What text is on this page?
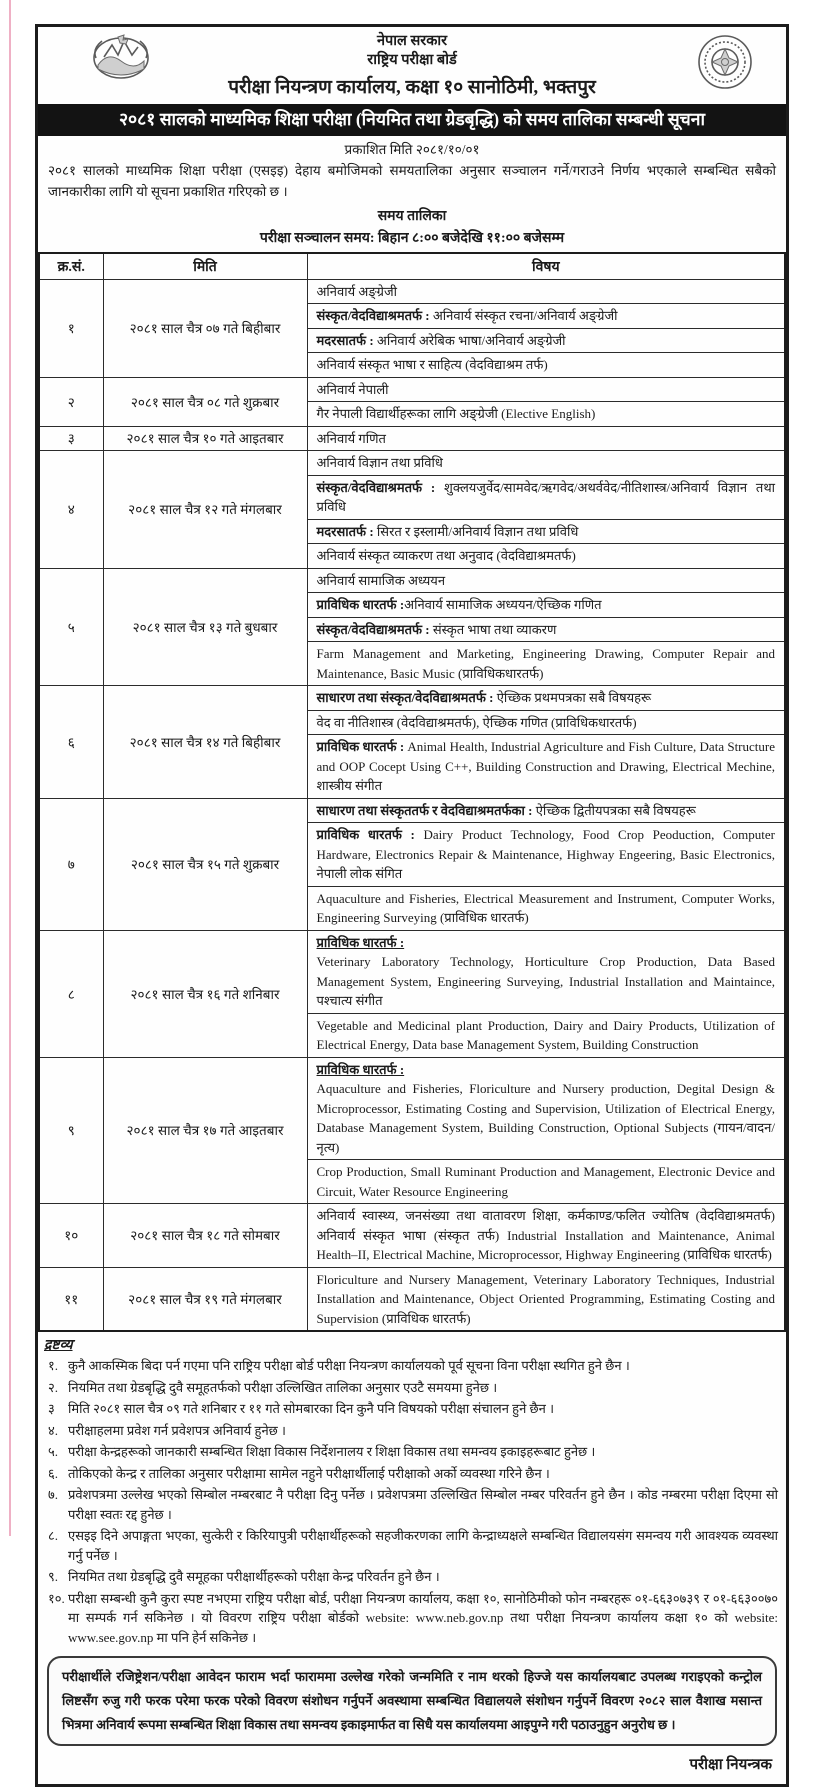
नेपाल सरकार
राष्ट्रिय परीक्षा बोर्ड
परीक्षा नियन्त्रण कार्यालय, कक्षा १० सानोठिमी, भक्तपुर
२०८१ सालको माध्यमिक शिक्षा परीक्षा (नियमित तथा ग्रेडबृद्धि) को समय तालिका सम्बन्धी सूचना
प्रकाशित मिति २०८१/१०/०१
२०८१ सालको माध्यमिक शिक्षा परीक्षा (एसइइ) देहाय बमोजिमको समयतालिका अनुसार सञ्चालन गर्ने/गराउने निर्णय भएकाले सम्बन्धित सबैको जानकारीका लागि यो सूचना प्रकाशित गरिएको छ ।
समय तालिका
परीक्षा सञ्चालन समय: बिहान ८:०० बजेदेखि ११:०० बजेसम्म
क्र.सं.	मिति	विषय
१	२०८१ साल चैत्र ०७ गते बिहीबार	अनिवार्य अङ्ग्रेजी
		संस्कृत/वेदविद्याश्रमतर्फ : अनिवार्य संस्कृत रचना/अनिवार्य अङ्ग्रेजी
		मदरसातर्फ : अनिवार्य अरेबिक भाषा/अनिवार्य अङ्ग्रेजी
		अनिवार्य संस्कृत भाषा र साहित्य (वेदविद्याश्रम तर्फ)
२	२०८१ साल चैत्र ०८ गते शुक्रबार	अनिवार्य नेपाली
		गैर नेपाली विद्यार्थीहरूका लागि अङ्ग्रेजी (Elective English)
३	२०८१ साल चैत्र १० गते आइतबार	अनिवार्य गणित
४	२०८१ साल चैत्र १२ गते मंगलबार	अनिवार्य विज्ञान तथा प्रविधि
		संस्कृत/वेदविद्याश्रमतर्फ : शुक्लयजुर्वेद/सामवेद/ऋगवेद/अथर्ववेद/नीतिशास्त्र/अनिवार्य विज्ञान तथा प्रविधि
		मदरसातर्फ : सिरत र इस्लामी/अनिवार्य विज्ञान तथा प्रविधि
		अनिवार्य संस्कृत व्याकरण तथा अनुवाद (वेदविद्याश्रमतर्फ)
५	२०८१ साल चैत्र १३ गते बुधबार	अनिवार्य सामाजिक अध्ययन
		प्राविधिक धारतर्फ :अनिवार्य सामाजिक अध्ययन/ऐच्छिक गणित
		संस्कृत/वेदविद्याश्रमतर्फ : संस्कृत भाषा तथा व्याकरण
		Farm Management and Marketing, Engineering Drawing, Computer Repair and Maintenance, Basic Music (प्राविधिकधारतर्फ)
६	२०८१ साल चैत्र १४ गते बिहीबार	साधारण तथा संस्कृत/वेदविद्याश्रमतर्फ : ऐच्छिक प्रथमपत्रका सबै विषयहरू
		वेद वा नीतिशास्त्र (वेदविद्याश्रमतर्फ), ऐच्छिक गणित (प्राविधिकधारतर्फ)
		प्राविधिक धारतर्फ : Animal Health, Industrial Agriculture and Fish Culture, Data Structure and OOP Cocept Using C++, Building Construction and Drawing, Electrical Mechine, शास्त्रीय संगीत
७	२०८१ साल चैत्र १५ गते शुक्रबार	साधारण तथा संस्कृततर्फ र वेदविद्याश्रमतर्फका : ऐच्छिक द्वितीयपत्रका सबै विषयहरू
		प्राविधिक धारतर्फ : Dairy Product Technology, Food Crop Peoduction, Computer Hardware, Electronics Repair & Maintenance, Highway Engeering, Basic Electronics, नेपाली लोक संगित
		Aquaculture and Fisheries, Electrical Measurement and Instrument, Computer Works, Engineering Surveying (प्राविधिक धारतर्फ)
८	२०८१ साल चैत्र १६ गते शनिबार	प्राविधिक धारतर्फ :
Veterinary Laboratory Technology, Horticulture Crop Production, Data Based Management System, Engineering Surveying, Industrial Installation and Maintaince, पश्चात्य संगीत
		Vegetable and Medicinal plant Production, Dairy and Dairy Products, Utilization of Electrical Energy, Data base Management System, Building Construction
९	२०८१ साल चैत्र १७ गते आइतबार	प्राविधिक धारतर्फ :
Aquaculture and Fisheries, Floriculture and Nursery production, Degital Design & Microprocessor, Estimating Costing and Supervision, Utilization of Electrical Energy, Database Management System, Building Construction, Optional Subjects (गायन/वादन/नृत्य)
		Crop Production, Small Ruminant Production and Management, Electronic Device and Circuit, Water Resource Engineering
१०	२०८१ साल चैत्र १८ गते सोमबार	अनिवार्य स्वास्थ्य, जनसंख्या तथा वातावरण शिक्षा, कर्मकाण्ड/फलित ज्योतिष (वेदविद्याश्रमतर्फ) अनिवार्य संस्कृत भाषा (संस्कृत तर्फ) Industrial Installation and Maintenance, Animal Health–II, Electrical Machine, Microprocessor, Highway Engineering (प्राविधिक धारतर्फ)
११	२०८१ साल चैत्र १९ गते मंगलबार	Floriculture and Nursery Management, Veterinary Laboratory Techniques, Industrial Installation and Maintenance, Object Oriented Programming, Estimating Costing and Supervision (प्राविधिक धारतर्फ)
द्रष्टव्य
१. कुनै आकस्मिक बिदा पर्न गएमा पनि राष्ट्रिय परीक्षा बोर्ड परीक्षा नियन्त्रण कार्यालयको पूर्व सूचना विना परीक्षा स्थगित हुने छैन ।
२. नियमित तथा ग्रेडबृद्धि दुवै समूहतर्फको परीक्षा उल्लिखित तालिका अनुसार एउटै समयमा हुनेछ ।
३	मिति २०८१ साल चैत्र ०९ गते शनिबार र ११ गते सोमबारका दिन कुनै पनि विषयको परीक्षा संचालन हुने छैन ।
४. परीक्षाहलमा प्रवेश गर्न प्रवेशपत्र अनिवार्य हुनेछ ।
५. परीक्षा केन्द्रहरूको जानकारी सम्बन्धित शिक्षा विकास निर्देशनालय र शिक्षा विकास तथा समन्वय इकाइहरूबाट हुनेछ ।
६. तोकिएको केन्द्र र तालिका अनुसार परीक्षामा सामेल नहुने परीक्षार्थीलाई परीक्षाको अर्को व्यवस्था गरिने छैन ।
७. प्रवेशपत्रमा उल्लेख भएको सिम्बोल नम्बरबाट नै परीक्षा दिनु पर्नेछ । प्रवेशपत्रमा उल्लिखित सिम्बोल नम्बर परिवर्तन हुने छैन । कोड नम्बरमा परीक्षा दिएमा सो परीक्षा स्वतः रद्द हुनेछ ।
८. एसइइ दिने अपाङ्गता भएका, सुत्केरी र किरियापुत्री परीक्षार्थीहरूको सहजीकरणका लागि केन्द्राध्यक्षले सम्बन्धित विद्यालयसंग समन्वय गरी आवश्यक व्यवस्था गर्नु पर्नेछ ।
९. नियमित तथा ग्रेडबृद्धि दुवै समूहका परीक्षार्थीहरूको परीक्षा केन्द्र परिवर्तन हुने छैन ।
१०. परीक्षा सम्बन्धी कुनै कुरा स्पष्ट नभएमा राष्ट्रिय परीक्षा बोर्ड, परीक्षा नियन्त्रण कार्यालय, कक्षा १०, सानोठिमीको फोन नम्बरहरू ०१-६६३०७३९ र ०१-६६३००७० मा सम्पर्क गर्न सकिनेछ । यो विवरण राष्ट्रिय परीक्षा बोर्डको website: www.neb.gov.np तथा परीक्षा नियन्त्रण कार्यालय कक्षा १० को website: www.see.gov.np मा पनि हेर्न सकिनेछ ।
परीक्षार्थीले रजिष्ट्रेशन/परीक्षा आवेदन फाराम भर्दा फाराममा उल्लेख गरेको जन्ममिति र नाम थरको हिज्जे यस कार्यालयबाट उपलब्ध गराइएको कन्ट्रोल लिष्टसँग रुजु गरी फरक परेमा फरक परेको विवरण संशोधन गर्नुपर्ने अवस्थामा सम्बन्धित विद्यालयले संशोधन गर्नुपर्ने विवरण २०८२ साल वैशाख मसान्त भित्रमा अनिवार्य रूपमा सम्बन्धित शिक्षा विकास तथा समन्वय इकाइमार्फत वा सिधै यस कार्यालयमा आइपुग्ने गरी पठाउनुहुन अनुरोध छ ।
परीक्षा नियन्त्रक
